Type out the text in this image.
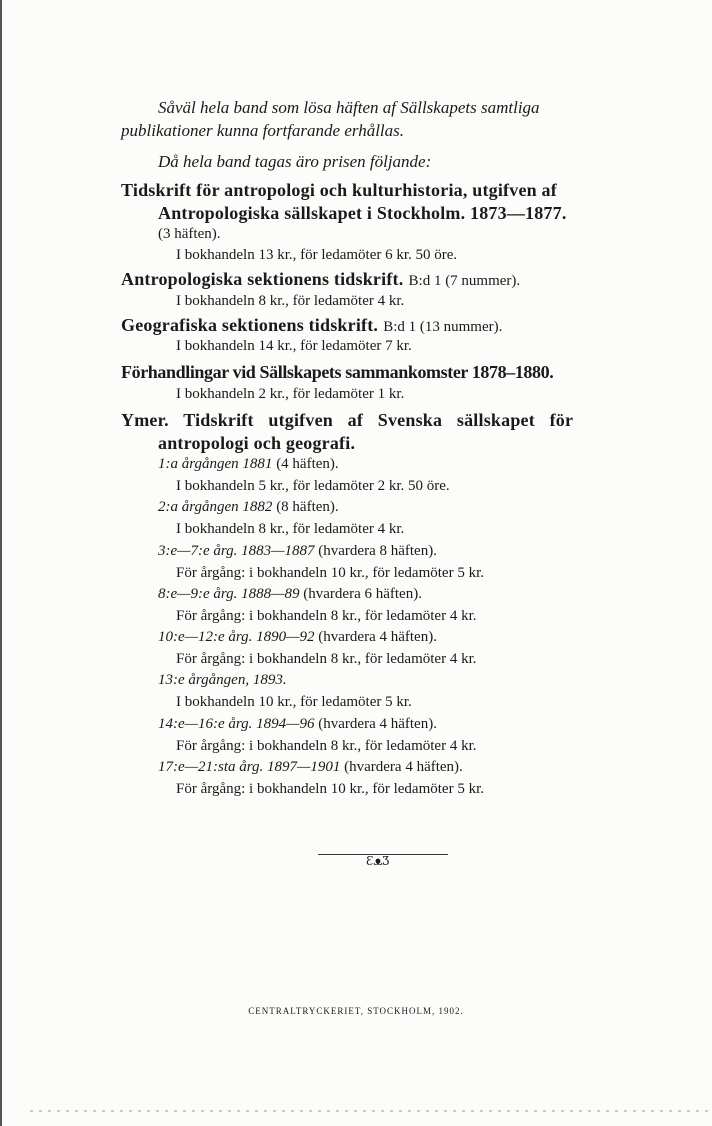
Såväl hela band som lösa häften af Sällskapets samtliga
publikationer kunna fortfarande erhållas.
Då hela band tagas äro prisen följande:
Tidskrift för antropologi och kulturhistoria, utgifven af
Antropologiska sällskapet i Stockholm. 1873—1877.
(3 häften).
I bokhandeln 13 kr., för ledamöter 6 kr. 50 öre.
Antropologiska sektionens tidskrift. B:d 1 (7 nummer).
I bokhandeln 8 kr., för ledamöter 4 kr.
Geografiska sektionens tidskrift. B:d 1 (13 nummer).
I bokhandeln 14 kr., för ledamöter 7 kr.
Förhandlingar vid Sällskapets sammankomster 1878–1880.
I bokhandeln 2 kr., för ledamöter 1 kr.
Ymer. Tidskrift utgifven af Svenska sällskapet för
antropologi och geografi.
1:a årgången 1881 (4 häften).
I bokhandeln 5 kr., för ledamöter 2 kr. 50 öre.
2:a årgången 1882 (8 häften).
I bokhandeln 8 kr., för ledamöter 4 kr.
3:e—7:e årg. 1883—1887 (hvardera 8 häften).
För årgång: i bokhandeln 10 kr., för ledamöter 5 kr.
8:e—9:e årg. 1888—89 (hvardera 6 häften).
För årgång: i bokhandeln 8 kr., för ledamöter 4 kr.
10:e—12:e årg. 1890—92 (hvardera 4 häften).
För årgång: i bokhandeln 8 kr., för ledamöter 4 kr.
13:e årgången, 1893.
I bokhandeln 10 kr., för ledamöter 5 kr.
14:e—16:e årg. 1894—96 (hvardera 4 häften).
För årgång: i bokhandeln 8 kr., för ledamöter 4 kr.
17:e—21:sta årg. 1897—1901 (hvardera 4 häften).
För årgång: i bokhandeln 10 kr., för ledamöter 5 kr.
ƐᴥƷ
CENTRALTRYCKERIET, STOCKHOLM, 1902.
